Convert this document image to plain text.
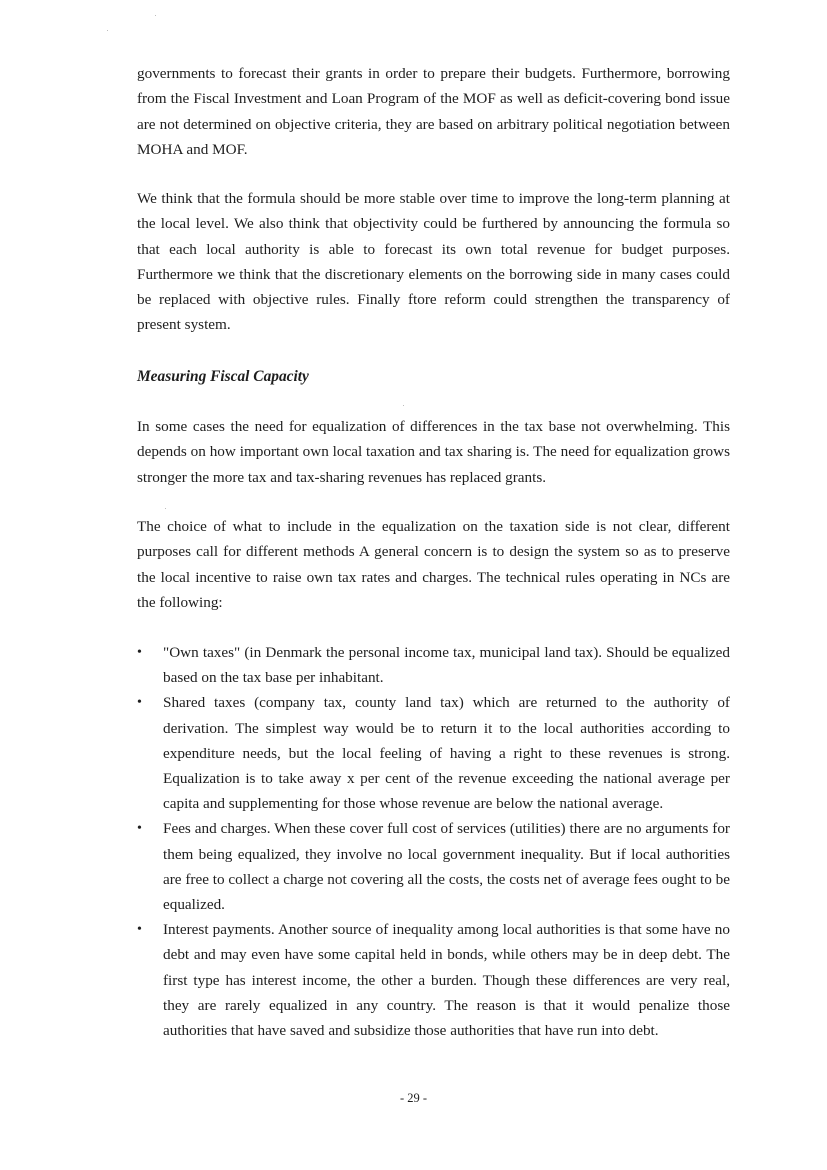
governments to forecast their grants in order to prepare their budgets. Furthermore, borrowing from the Fiscal Investment and Loan Program of the MOF as well as deficit-covering bond issue are not determined on objective criteria, they are based on arbitrary political negotiation between MOHA and MOF.

We think that the formula should be more stable over time to improve the long-term planning at the local level. We also think that objectivity could be furthered by announcing the formula so that each local authority is able to forecast its own total revenue for budget purposes. Furthermore we think that the discretionary elements on the borrowing side in many cases could be replaced with objective rules. Finally ftore reform could strengthen the transparency of present system.

Measuring Fiscal Capacity

In some cases the need for equalization of differences in the tax base not overwhelming. This depends on how important own local taxation and tax sharing is. The need for equalization grows stronger the more tax and tax-sharing revenues has replaced grants.

The choice of what to include in the equalization on the taxation side is not clear, different purposes call for different methods A general concern is to design the system so as to preserve the local incentive to raise own tax rates and charges. The technical rules operating in NCs are the following:

•	"Own taxes" (in Denmark the personal income tax, municipal land tax). Should be equalized based on the tax base per inhabitant.
•	Shared taxes (company tax, county land tax) which are returned to the authority of derivation. The simplest way would be to return it to the local authorities according to expenditure needs, but the local feeling of having a right to these revenues is strong. Equalization is to take away x per cent of the revenue exceeding the national average per capita and supplementing for those whose revenue are below the national average.
•	Fees and charges. When these cover full cost of services (utilities) there are no arguments for them being equalized, they involve no local government inequality. But if local authorities are free to collect a charge not covering all the costs, the costs net of average fees ought to be equalized.
•	Interest payments. Another source of inequality among local authorities is that some have no debt and may even have some capital held in bonds, while others may be in deep debt. The first type has interest income, the other a burden. Though these differences are very real, they are rarely equalized in any country. The reason is that it would penalize those authorities that have saved and subsidize those authorities that have run into debt.

- 29 -
